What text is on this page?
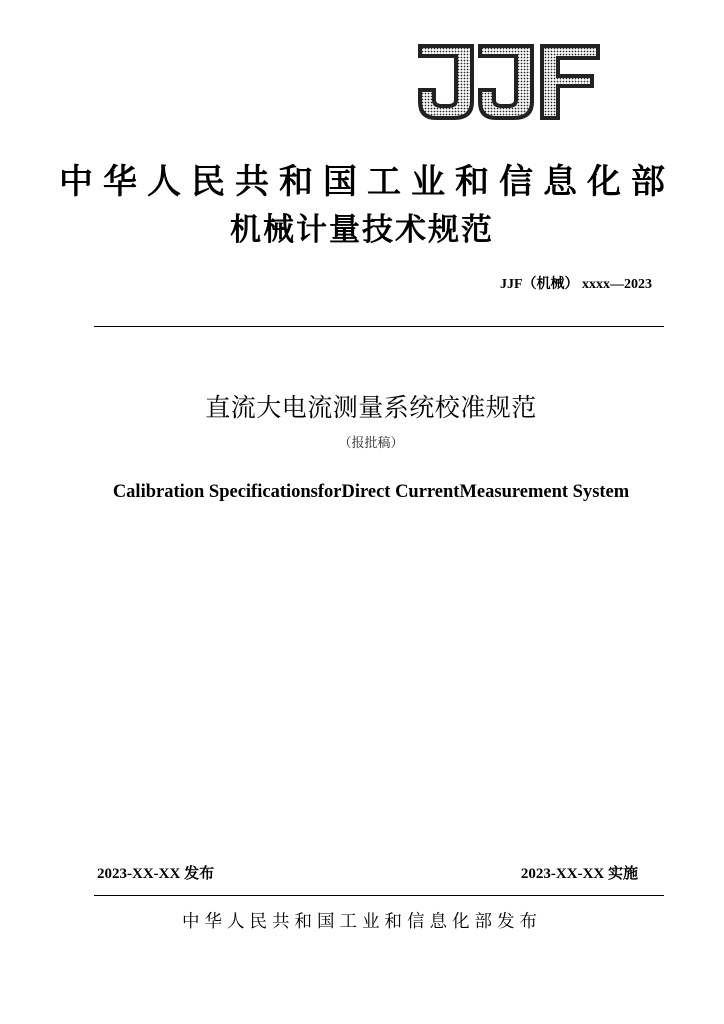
中华人民共和国工业和信息化部
机械计量技术规范
JJF（机械） xxxx—2023
直流大电流测量系统校准规范
（报批稿）
Calibration SpecificationsforDirect CurrentMeasurement System
2023-XX-XX 发布	2023-XX-XX 实施
中华人民共和国工业和信息化部发布
